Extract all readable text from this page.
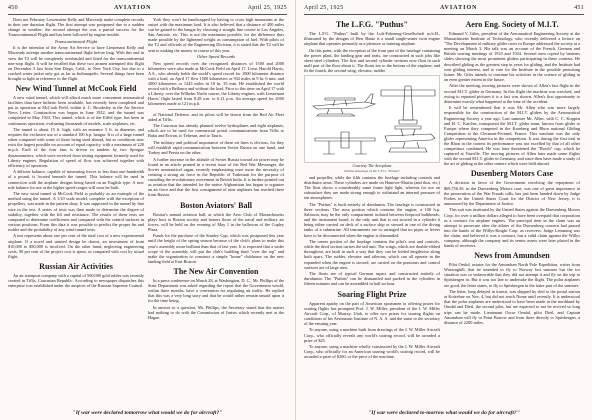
450	AVIATION	April 25, 1925

Does not February Lowenstein Kelly and Macready make complete records in their one duration flight. The first attempt was postponed due to a sudden change in weather; the second attempt the was a partial success for the Transcontinental Flight and has been followed by engine trouble.

Transcontinental Flight

It is the intention of the Army Air Service to have Lieutenant Kelly and Macready attempt another transcontinental flight before long. With this end in view the T2 will be completely overhauled and fitted for the transcontinental non-stop flight. It will be recalled that these two airmen attempted this flight on December 3 last from San Diego, Calif., to New York City, but due to a cracked water jacket only got as far as Indianapolis. Several things have been brought to light in reference to the flight.

New Wind Tunnel at McCook Field

A new wind tunnel, which will afford much more convenient aeronautical facilities than have hitherto been available, has recently been completed and put in operation at McCook Field, within it. C. Brooksley in the Air Service News Letter. Construction was begun in June 1922, and the tunnel was completed in May 1923. This tunnel, which is of the Eiffel type, has been in continuous operation, evaluating thousands of models, scale airplanes, etc.

The tunnel is about 15 ft. high, with an entrance 5 ft. in diameter, and requires the exclusive use of a standard 100 h.p. hangar. It is of a large tunnel when compared with some of those being used abroad, but as conditions now exist the largest possible on account of equal capacity, with a maximum of 220 m.p.h. Each of the four fans is driven in tandem by two Sprague dynamometers, which were received from testing equipment formerly used for Liberty engines. Regulation of speed of flow was achieved together with efficiency of operation.

A delicate balance, capable of measuring forces to less than one-hundredth of a pound, is located beneath the tunnel. This balance will be used in connection with the airplane designs being based on an English type. A new rule balance for use at the higher speed ranges will soon be built.

The new wind tunnel at McCook Field is probably as an example of the method using the tunnel. A 1/10 scale model, complete with the exception of propellers, was made in the pattern shop. It was supported in the tunnel by fine wire in the test. A series of tests was then made to determine the degree of stability, together with the lift and resistance. The results of these tests are computed to determine coefficients and compared with the control surfaces in various positions. From this data it was possible to predict the proper fin and rudder and the probability of any wind tunnel tests.

A test represents about one per cent of the total cost of a new experimental airplane. If a novel and untried design be drawn, an investment of from $10,000 to $50,000 is involved. On the other hand, neglecting engineering costs, 90 per cent of the project cost is spent, as compared with cost by actual flight.

Russian Air Activities

An air transport company with a capital of 500,000 gold rubles was recently created in Tiflis, Caucasian Republic. According to newspaper dispatches this enterprise was established under the auspices of the Russian Supreme Council.

York they won't be handicapped by having to cross high mountains at the outset with the maximum load. It is also believed that a distance of 400 miles can be gained to the hangar by choosing a straight line course to Los Angeles, San Antonio, etc. This is not the maximum possible, for the difference thus made possible by the lightened weight as consumption of fuel. With pilots of the T2 and officials of the Engineering Division, it is stated that the T2 will be sent to making the money in course of this year.

Other Speed Records

New speed records over the recognized distances of 1500 and 2000 kilometers were also made at McCook Field on April 17. Lieut. Harold Harris, A.S., who already holds the world's speed record for 1000 kilometer distance with a load, on April 17 flew 1500 kilometers or 932 miles in 9 hr. 6 min. and 2000 kilometers or 1243 miles in 10 hr. 35 min. He established the world record with a Bellanca and without the load. Prior to this time on April 17 with a Liberty, over the Wilhelm Nacht course, the Liberty engines, with Lieutenant Harris' flight lasted from 8.28 a.m. to 6.21 p.m. An average speed for 2000 kilometers made at 121 m.p.h.

of National Defense, and its pilots will be drawn from the Red Air Fleet aided at Tiflis.

The Caucasus has already planned twelve hydroplanes and eight airplanes, which are to be used for commercial postal communications from Tiflis to Baku and Erivan, to Teheran, and to Tauris.

The military and political importance of these air lines is obvious, for they will establish rapid communication between Soviet Russia on one hand, and Turkey and Persia on the other.

A further increase in the altitude of Soviet Russia toward air power may be found in an article printed in a recent issue of the Red War Messenger, the Soviet aeronautical organ, recently emphasizing once more the necessity of creating a strong air force in the Republic of Turkestan for the purpose of curtailing the revolutionary movement in British India. It is further pointed out as aviation that the intended for the native Afghanistan has begun to organize an air force and that the first consignment of nine airplanes has reached there from Russia.

Boston Aviators' Ball

Boston's annual aviation ball, at which the Aero Club of Massachusetts plays host to Boston society and honors those of the naval and military air forces, will be held on the evening of May 1 in the ballroom of the Copley Plaza.

Funds for the purchase of the Stanley Cup, which was postponed this year until the height of the spring season because of the club's plans to make this year's assembly more brilliant than that of last year. It is expected that a wider scope of the assembly will put the club's building fund "over the top" and make the organization to construct a simple "home" clubhouse on the new landing field at East Boston.

The New Air Convention

In a press conference on March 28, at Washington, D. C., Mr. Phillips of the State Department was asked regarding the report that the Government would, within three months, have a convention for regulating air traffic. He replied that this was a very long story and that he would rather remain unsaid upon it for the time being.

In answer to a question, Mr. Phillips, the Secretary stated that the matter had nothing to do with the Commission of Jurists which recently met at the Hague.

"If war were declared tomorrow what would we do for aircraft?"
April 25, 1925	AVIATION	451
The L.F.G. "Puthus"

The L.F.G. "Puthus" built by the Luft-Fahrzeug-Gesellschaft m.b.H., illustrated by the designs of Herr Baatz is a small single-seater twin engine airplane that operates primarily as a pleasure or training airplane.

On this point, with the exception of the front part of the fuselage containing the power plant, the landing gear and seats, are constructed in such jobs like sheet steel cylinders. The first and second cylinder sections now float in such mall part of the floor about it. The floats are to the bottom of the airplane, and fit the fourth, the second wing, elevator, rudder.

Courtesy The Aeroplane
Outline drawings of the L.F.G. "Puthus"

and propeller, while the fifth contains the fuselage including controls and distributor arms. These cylinders are made on Hanover-Martin (and thus, etc.) The float shows a considerably same frame light light, whereas for use on subsurface they are made strong enough to withstand an internal pressure of ten atmospheres.

The "Puthus" is built entirely of duralumin. The fuselage is constructed in three sections. The nose portion which contains the engine, a 100 h.p. Salmson, may be the only compartment isolated between fireproof bulkheads, and the instrument board, is the only unit that is not stowed in a cylinder it being either carried on deck of a surface ship or stowed in one of the diving tanks of a submarine. All instruments are so arranged that no pipes or levers have to be disconnected when the engine is dismantled.

The center portion of the fuselage contains the pilot's seat and controls, while the third section carries the tail unit. The wings, which are double-ribbed throughout, are built in such a way that they can be folded lengthwise along both spars. The rudder, elevator and ailerons, which can all operate in the expanded when the engine is stowed, are carried on the pontoons and control surfaces are of large area.

The floats are of typical German aspect and constructed entirely of duralumin. The "Puthus" can be dismantled and packed in the cylinders in fifteen minutes and can be assembled in half an hour.

Soaring Flight Prize

Apparent apathy on the part of American sportsmen to offering prizes for soaring flights has prompted Prof. J. W. Miller, president of the J. W. Miller Aircraft Corp., of Murray, Utah, to offer two prizes for soaring flights on conditions of his Aeronautic Institute of N. A. A. and the same to the secretary of the ensuing year.

To anyone, using a machine built from drawings of the J. W. Miller Aircraft Corp., who officially reveals any world's soaring record, will be awarded a prize of $25.

To anyone, using a machine wholly constructed by the J. W. Miller Aircraft Corp., who officially for an American soaring world's soaring record, will be awarded a prize of $200, or the price of the machine.

Aero Eng. Society of M.I.T.

Edmund V. Giles, president of the Aeronautical Engineering Society at the Massachusetts Institute of Technology, who recently delivered a lecture on "The Development of military glider races in Europe addressed the society at a meeting on March 3. His talk was an account of the French, German and British soaring meetings of 1923 and 1924. Several men copied by lanterns slides showing the most prominent gliders participating in these contests. He described gliding as the greatest step in years for gliding, and the Institute had won gliding interest, and to cure for the Institute in the possible promising future. Mr. Giles intends to continue his activities in the science of gliding in an even greater extent in the future.

After the meeting, moving pictures were shown of Allen's last flight in the second M.I.T. glider in Germany. In this flight the machine was wrecked, and owing to repeated pictures it is a fact was shown, Allen's first opportunity to determine exactly what happened at the time of the accident.

It will be remembered that it was Mr. Allen who was more largely responsible for the construction of the M.I.T. gliders by the Aeronautical Engineering Society a year ago. Last summer Mr. Allen, with C. C. Koppen and H. C. Karcher, transported the M.I.T. glider team, known from glider to Europe where they competed in the Kronberg and Rhon national Gliding Competition at the Clermont-Ferrand, France. This machine was the only glider representing America in the competition. It was during the first trial in the Rhon in the contest its performance was not excelled by that of all other competitors combined. He was later threatened the "Bosch" cup, which he captured at Vauville. The moving pictures of Allen later made some flights with the second M.I.T. glider in Germany, and since then have made a study of the art of gliding at the other centers which were held abroad.

Dusenberg Motors Case

A decision in favor of the Government involving the repayment of $69,756.30, in the Duesenberg Motors case, was one of great importance in the prosecution of the War Frauds calls, has just been handed down by Judge Forbes in the United States Court for the District of New Jersey, it is announced by the Department of Justice.

This suit was instituted by the United States against the Duesenberg Motors Corp. for over a million dollars alleged to have been overpaid that corporation as a contract for airplane engines. The principal item in the claim was an attempt to prosecute after the affairs of the Duesenberg concern had passed into the hands of the Willys-Knight Corp. as receivers. Judge Lemming was the claim, and believed it was a contract, but a valid claim against the Willys company, although the company and its senior assets were later placed in the hands of receivers.

News from Amundsen

Pilot Oeskd, aviator for the Amundsen North Pole Expedition, writes from Wurzinghill, that he intended to fly to Norway last summer but the ice situation was so unfavorable that they did not attempt it and fly on the trip to Spitsbergen in. But it was too late to undertake the flight. The polar airplanes are good, the letter states, to fly to Spitsbergen in the latter part of the summer.

The letter, long delayed in transit, was shipped by sled to the postal station at Kotzebue on Nov. 4, but did not reach Nome until recently. It is understood that the polar airplanes are understood to have been made in the northland by Omdal and Dietl, the second pilot, but are expected to not be revived so long trips can be made. Lieutenant Oscar Omdal, pilot Dietl, and Captain Amundsen will fly to Point Barrow and from there directly to Spitsbergen, a distance of 2200 miles.

"If war were declared to-morrow what would we do for aircraft?"
